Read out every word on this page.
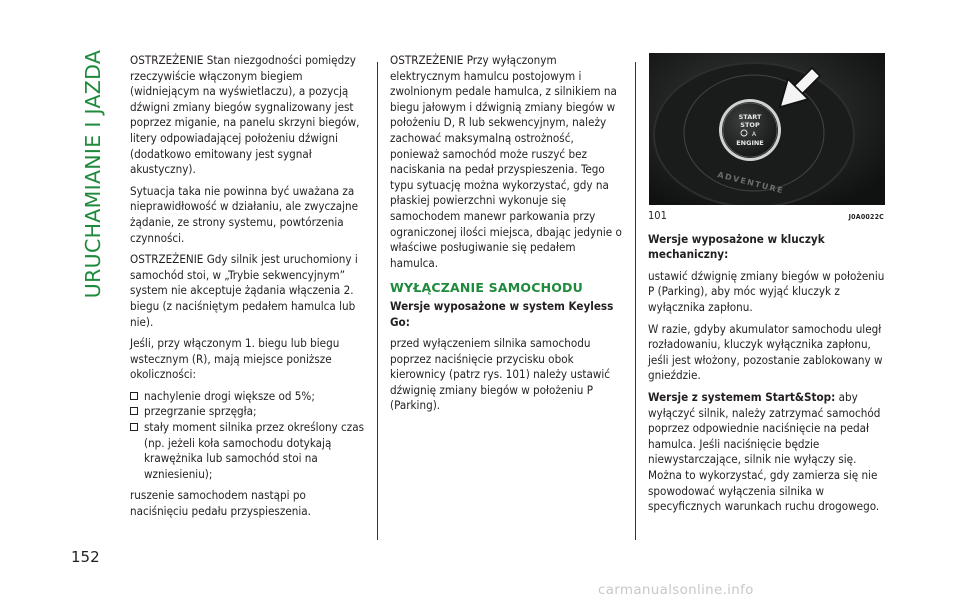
URUCHAMIANIE I JAZDA
152

OSTRZEŻENIE Stan niezgodności pomiędzy rzeczywiście włączonym biegiem (widniejącym na wyświetlaczu), a pozycją dźwigni zmiany biegów sygnalizowany jest poprzez miganie, na panelu skrzyni biegów, litery odpowiadającej położeniu dźwigni (dodatkowo emitowany jest sygnał akustyczny).

Sytuacja taka nie powinna być uważana za nieprawidłowość w działaniu, ale zwyczajne żądanie, ze strony systemu, powtórzenia czynności.

OSTRZEŻENIE Gdy silnik jest uruchomiony i samochód stoi, w „Trybie sekwencyjnym” system nie akceptuje żądania włączenia 2. biegu (z naciśniętym pedałem hamulca lub nie).

Jeśli, przy włączonym 1. biegu lub biegu wstecznym (R), mają miejsce poniższe okoliczności:

nachylenie drogi większe od 5%;
przegrzanie sprzęgła;
stały moment silnika przez określony czas (np. jeżeli koła samochodu dotykają krawężnika lub samochód stoi na wzniesieniu);

ruszenie samochodem nastąpi po naciśnięciu pedału przyspieszenia.

OSTRZEŻENIE Przy wyłączonym elektrycznym hamulcu postojowym i zwolnionym pedale hamulca, z silnikiem na biegu jałowym i dźwignią zmiany biegów w położeniu D, R lub sekwencyjnym, należy zachować maksymalną ostrożność, ponieważ samochód może ruszyć bez naciskania na pedał przyspieszenia. Tego typu sytuację można wykorzystać, gdy na płaskiej powierzchni wykonuje się samochodem manewr parkowania przy ograniczonej ilości miejsca, dbając jedynie o właściwe posługiwanie się pedałem hamulca.

WYŁĄCZANIE SAMOCHODU

Wersje wyposażone w system Keyless Go:

przed wyłączeniem silnika samochodu poprzez naciśnięcie przycisku obok kierownicy (patrz rys. 101) należy ustawić dźwignię zmiany biegów w położeniu P (Parking).

START
STOP
A
ENGINE
ADVENTURE
101	J0A0022C

Wersje wyposażone w kluczyk mechaniczny:

ustawić dźwignię zmiany biegów w położeniu P (Parking), aby móc wyjąć kluczyk z wyłącznika zapłonu.

W razie, gdyby akumulator samochodu uległ rozładowaniu, kluczyk wyłącznika zapłonu, jeśli jest włożony, pozostanie zablokowany w gnieździe.

Wersje z systemem Start&Stop: aby wyłączyć silnik, należy zatrzymać samochód poprzez odpowiednie naciśnięcie na pedał hamulca. Jeśli naciśnięcie będzie niewystarczające, silnik nie wyłączy się. Można to wykorzystać, gdy zamierza się nie spowodować wyłączenia silnika w specyficznych warunkach ruchu drogowego.

carmanualsonline.info
